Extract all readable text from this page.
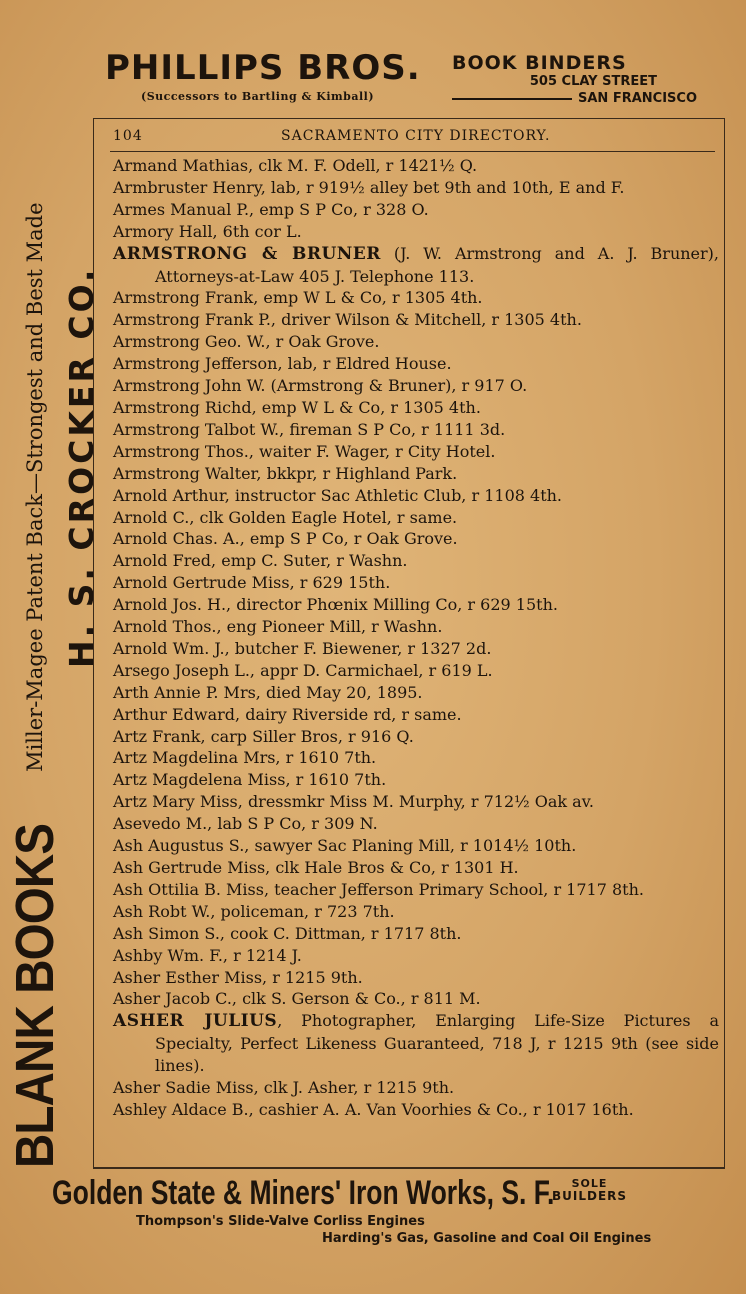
PHILLIPS BROS.
(Successors to Bartling & Kimball)
BOOK BINDERS
505 CLAY STREET
SAN FRANCISCO
BLANK BOOKS Miller-Magee Patent Back—Strongest and Best Made H. S. CROCKER CO.
104	SACRAMENTO CITY DIRECTORY.
Armand Mathias, clk M. F. Odell, r 1421½ Q.
Armbruster Henry, lab, r 919½ alley bet 9th and 10th, E and F.
Armes Manual P., emp S P Co, r 328 O.
Armory Hall, 6th cor L.
ARMSTRONG & BRUNER (J. W. Armstrong and A. J. Bruner), Attorneys-at-Law 405 J. Telephone 113.
Armstrong Frank, emp W L & Co, r 1305 4th.
Armstrong Frank P., driver Wilson & Mitchell, r 1305 4th.
Armstrong Geo. W., r Oak Grove.
Armstrong Jefferson, lab, r Eldred House.
Armstrong John W. (Armstrong & Bruner), r 917 O.
Armstrong Richd, emp W L & Co, r 1305 4th.
Armstrong Talbot W., fireman S P Co, r 1111 3d.
Armstrong Thos., waiter F. Wager, r City Hotel.
Armstrong Walter, bkkpr, r Highland Park.
Arnold Arthur, instructor Sac Athletic Club, r 1108 4th.
Arnold C., clk Golden Eagle Hotel, r same.
Arnold Chas. A., emp S P Co, r Oak Grove.
Arnold Fred, emp C. Suter, r Washn.
Arnold Gertrude Miss, r 629 15th.
Arnold Jos. H., director Phœnix Milling Co, r 629 15th.
Arnold Thos., eng Pioneer Mill, r Washn.
Arnold Wm. J., butcher F. Biewener, r 1327 2d.
Arsego Joseph L., appr D. Carmichael, r 619 L.
Arth Annie P. Mrs, died May 20, 1895.
Arthur Edward, dairy Riverside rd, r same.
Artz Frank, carp Siller Bros, r 916 Q.
Artz Magdelina Mrs, r 1610 7th.
Artz Magdelena Miss, r 1610 7th.
Artz Mary Miss, dressmkr Miss M. Murphy, r 712½ Oak av.
Asevedo M., lab S P Co, r 309 N.
Ash Augustus S., sawyer Sac Planing Mill, r 1014½ 10th.
Ash Gertrude Miss, clk Hale Bros & Co, r 1301 H.
Ash Ottilia B. Miss, teacher Jefferson Primary School, r 1717 8th.
Ash Robt W., policeman, r 723 7th.
Ash Simon S., cook C. Dittman, r 1717 8th.
Ashby Wm. F., r 1214 J.
Asher Esther Miss, r 1215 9th.
Asher Jacob C., clk S. Gerson & Co., r 811 M.
ASHER JULIUS, Photographer, Enlarging Life-Size Pictures a Specialty, Perfect Likeness Guaranteed, 718 J, r 1215 9th (see side lines).
Asher Sadie Miss, clk J. Asher, r 1215 9th.
Ashley Aldace B., cashier A. A. Van Voorhies & Co., r 1017 16th.
Golden State & Miners' Iron Works, S. F.	SOLE
BUILDERS
Thompson's Slide-Valve Corliss Engines
Harding's Gas, Gasoline and Coal Oil Engines
